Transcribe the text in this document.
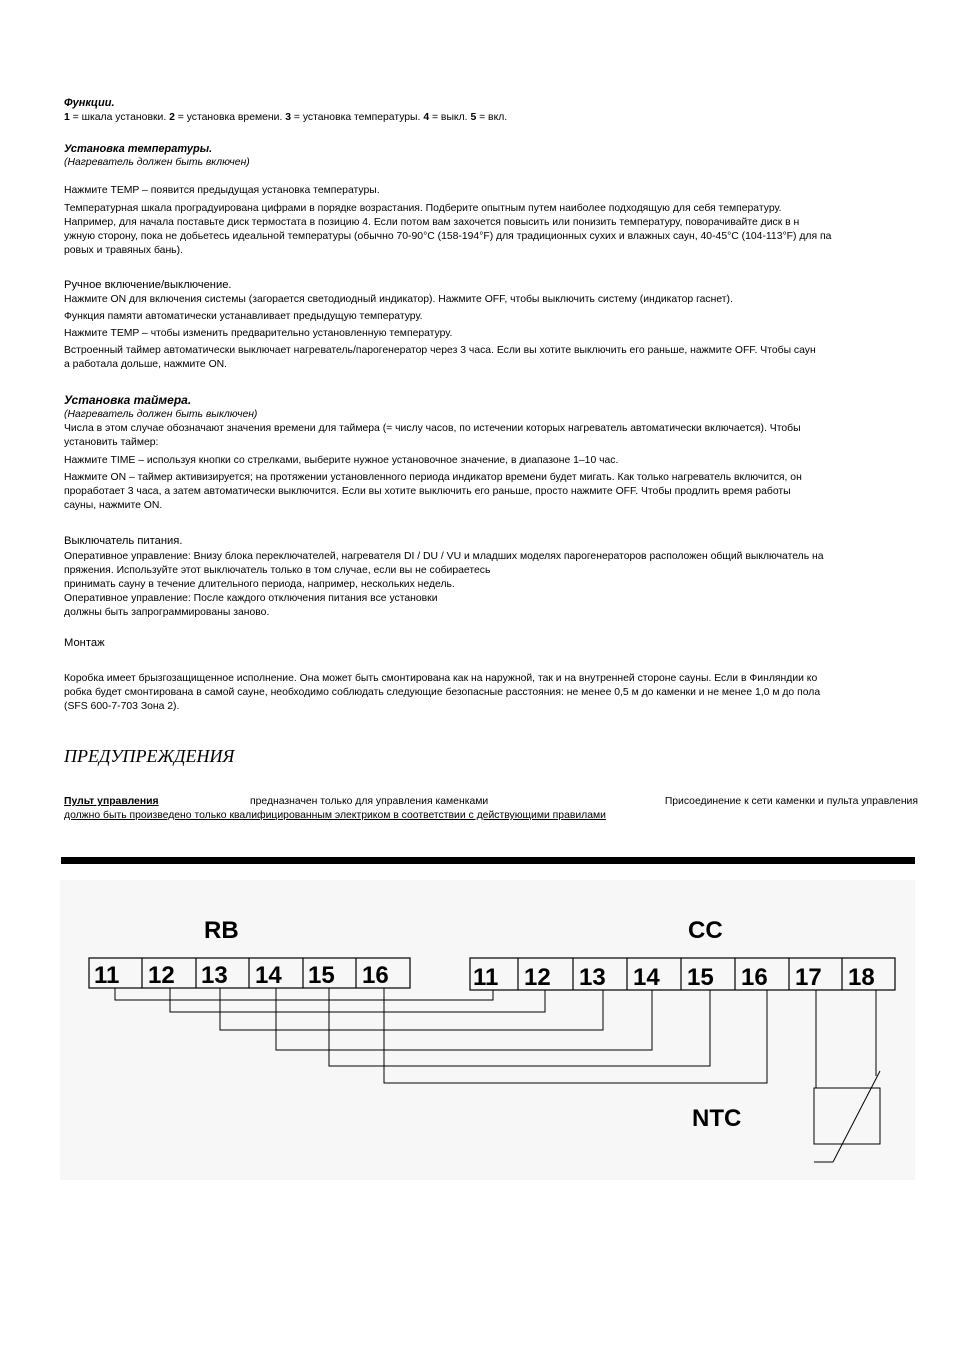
Функции.

1 = шкала установки. 2 = установка времени. 3 = установка температуры. 4 = выкл. 5 = вкл.

Установка температуры.

(Нагреватель должен быть включен)

Нажмите TEMP – появится предыдущая установка температуры.

Температурная шкала проградуирована цифрами в порядке возрастания. Подберите опытным путем наиболее подходящую для себя температуру.

Например, для начала поставьте диск термостата в позицию 4. Если потом вам захочется повысить или понизить температуру, поворачивайте диск в н

ужную сторону, пока не добьетесь идеальной температуры (обычно 70-90°C (158-194°F) для традиционных сухих и влажных саун, 40-45°C (104-113°F) для па

ровых и травяных бань).

Ручное включение/выключение.

Нажмите ON для включения системы (загорается светодиодный индикатор). Нажмите OFF, чтобы выключить систему (индикатор гаснет).

Функция памяти автоматически устанавливает предыдущую температуру.

Нажмите TEMP – чтобы изменить предварительно установленную температуру.

Встроенный таймер автоматически выключает нагреватель/парогенератор через 3 часа. Если вы хотите выключить его раньше, нажмите OFF. Чтобы саун

а работала дольше, нажмите ON.

Установка таймера.

(Нагреватель должен быть выключен)

Числа в этом случае обозначают значения времени для таймера (= числу часов, по истечении которых нагреватель автоматически включается). Чтобы

установить таймер:

Нажмите TIME – используя кнопки со стрелками, выберите нужное установочное значение, в диапазоне 1–10 час.

Нажмите ON – таймер активизируется; на протяжении установленного периода индикатор времени будет мигать. Как только нагреватель включится, он

проработает 3 часа, а затем автоматически выключится. Если вы хотите выключить его раньше, просто нажмите OFF. Чтобы продлить время работы

сауны, нажмите ON.

Выключатель питания.

Оперативное управление: Внизу блока переключателей, нагревателя DI / DU / VU и младших моделях парогенераторов расположен общий выключатель на

пряжения. Используйте этот выключатель только в том случае, если вы не собираетесь

принимать сауну в течение длительного периода, например, нескольких недель.

Оперативное управление: После каждого отключения питания все установки

должны быть запрограммированы заново.

Монтаж

Коробка имеет брызгозащищенное исполнение. Она может быть смонтирована как на наружной, так и на внутренней стороне сауны. Если в Финляндии ко

робка будет смонтирована в самой сауне, необходимо соблюдать следующие безопасные расстояния: не менее 0,5 м до каменки и не менее 1,0 м до пола

(SFS 600-7-703 Зона 2).

ПРЕДУПРЕЖДЕНИЯ
Пульт управления	предназначен только для управления каменками	Присоединение к сети каменки и пульта управления
должно быть произведено только квалифицированным электриком в соответствии с действующими правилами
RB	CC
NTC
11 12 13 14 15 16	11 12 13 14 15 16 17 18
